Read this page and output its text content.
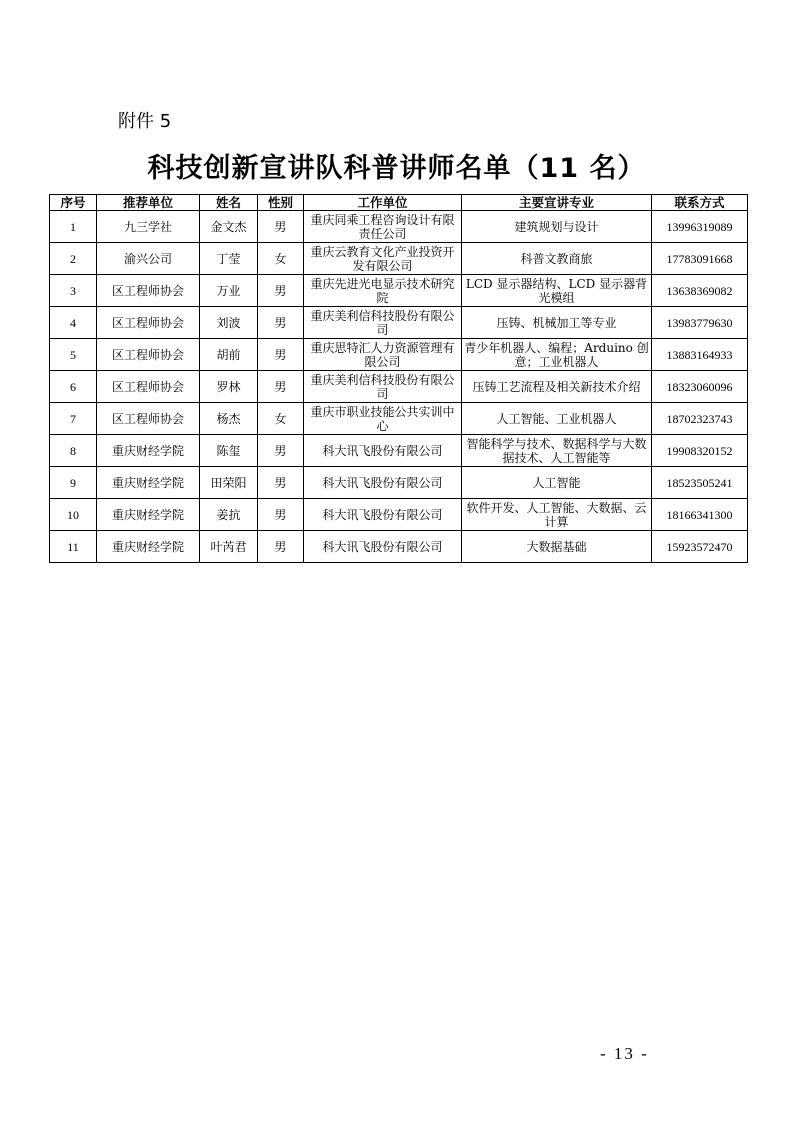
附件 5
科技创新宣讲队科普讲师名单（11 名）
序号	推荐单位	姓名	性别	工作单位	主要宣讲专业	联系方式
1	九三学社	金文杰	男	重庆同乘工程咨询设计有限责任公司	建筑规划与设计	13996319089
2	渝兴公司	丁莹	女	重庆云教育文化产业投资开发有限公司	科普文教商旅	17783091668
3	区工程师协会	万业	男	重庆先进光电显示技术研究院	LCD 显示器结构、LCD 显示器背光模组	13638369082
4	区工程师协会	刘波	男	重庆美利信科技股份有限公司	压铸、机械加工等专业	13983779630
5	区工程师协会	胡前	男	重庆思特汇人力资源管理有限公司	青少年机器人、编程；Arduino 创意；工业机器人	13883164933
6	区工程师协会	罗林	男	重庆美利信科技股份有限公司	压铸工艺流程及相关新技术介绍	18323060096
7	区工程师协会	杨杰	女	重庆市职业技能公共实训中心	人工智能、工业机器人	18702323743
8	重庆财经学院	陈玺	男	科大讯飞股份有限公司	智能科学与技术、数据科学与大数据技术、人工智能等	19908320152
9	重庆财经学院	田荣阳	男	科大讯飞股份有限公司	人工智能	18523505241
10	重庆财经学院	姜抗	男	科大讯飞股份有限公司	软件开发、人工智能、大数据、云计算	18166341300
11	重庆财经学院	叶芮君	男	科大讯飞股份有限公司	大数据基础	15923572470
- 13 -
